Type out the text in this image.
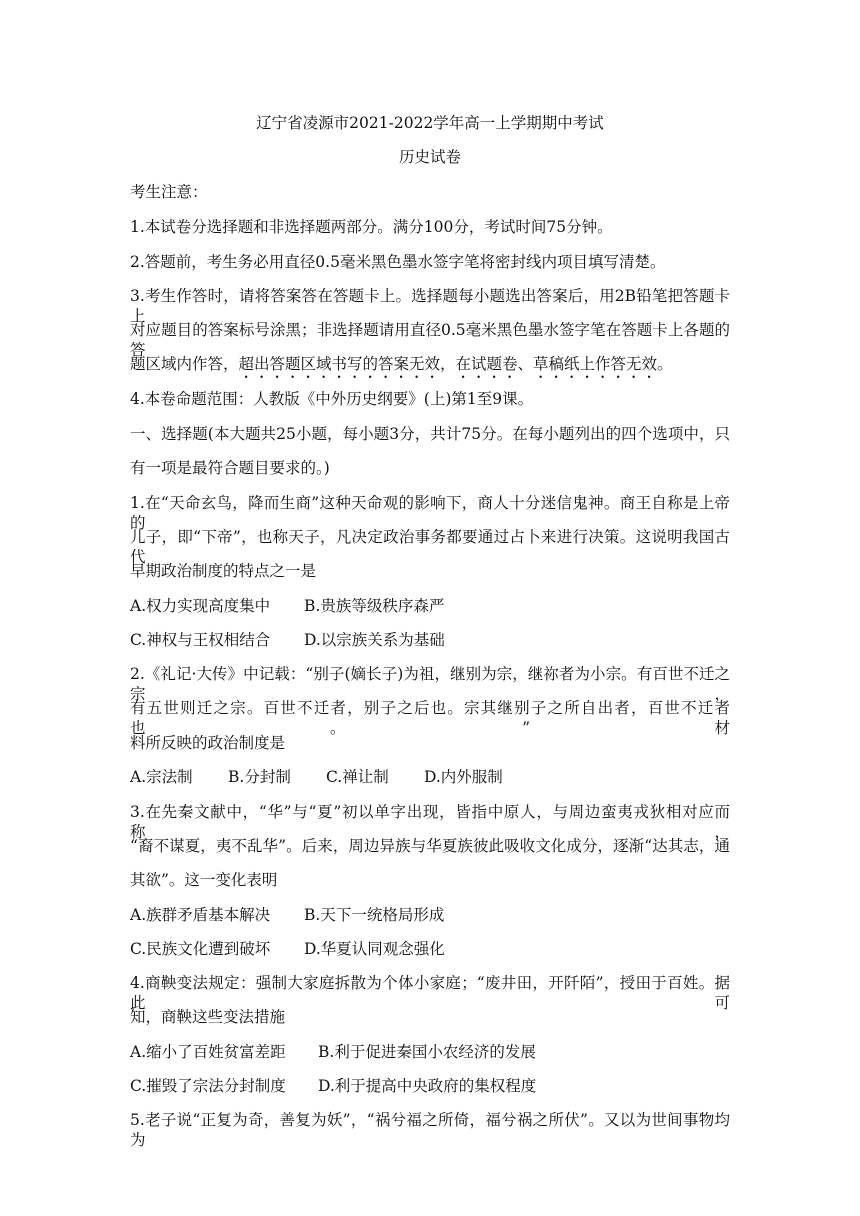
辽宁省凌源市2021-2022学年高一上学期期中考试
历史试卷
考生注意：
1.本试卷分选择题和非选择题两部分。满分100分，考试时间75分钟。
2.答题前，考生务必用直径0.5毫米黑色墨水签字笔将密封线内项目填写清楚。
3.考生作答时，请将答案答在答题卡上。选择题每小题选出答案后，用2B铅笔把答题卡上
对应题目的答案标号涂黑；非选择题请用直径0.5毫米黑色墨水签字笔在答题卡上各题的答
题区域内作答，超出答题区域书写的答案无效，在试题卷、草稿纸上作答无效。
4.本卷命题范围：人教版《中外历史纲要》(上)第1至9课。
一、选择题(本大题共25小题，每小题3分，共计75分。在每小题列出的四个选项中，只
有一项是最符合题目要求的。)
1.在“天命玄鸟，降而生商”这种天命观的影响下，商人十分迷信鬼神。商王自称是上帝的
儿子，即“下帝”，也称天子，凡决定政治事务都要通过占卜来进行决策。这说明我国古代
早期政治制度的特点之一是
A.权力实现高度集中 B.贵族等级秩序森严
C.神权与王权相结合 D.以宗族关系为基础
2.《礼记·大传》中记载：“别子(嫡长子)为祖，继别为宗，继祢者为小宗。有百世不迁之宗，
有五世则迁之宗。百世不迁者，别子之后也。宗其继别子之所自出者，百世不迁者也。”材
料所反映的政治制度是
A.宗法制 B.分封制 C.禅让制 D.内外服制
3.在先秦文献中，“华”与“夏”初以单字出现，皆指中原人，与周边蛮夷戎狄相对应而称，
“裔不谋夏，夷不乱华”。后来，周边异族与华夏族彼此吸收文化成分，逐渐“达其志，通
其欲”。这一变化表明
A.族群矛盾基本解决 B.天下一统格局形成
C.民族文化遭到破坏 D.华夏认同观念强化
4.商鞅变法规定：强制大家庭拆散为个体小家庭；“废井田，开阡陌”，授田于百姓。据此可
知，商鞅这些变法措施
A.缩小了百姓贫富差距 B.利于促进秦国小农经济的发展
C.摧毁了宗法分封制度 D.利于提高中央政府的集权程度
5.老子说“正复为奇，善复为妖”，“祸兮福之所倚，福兮祸之所伏”。又以为世间事物均为
